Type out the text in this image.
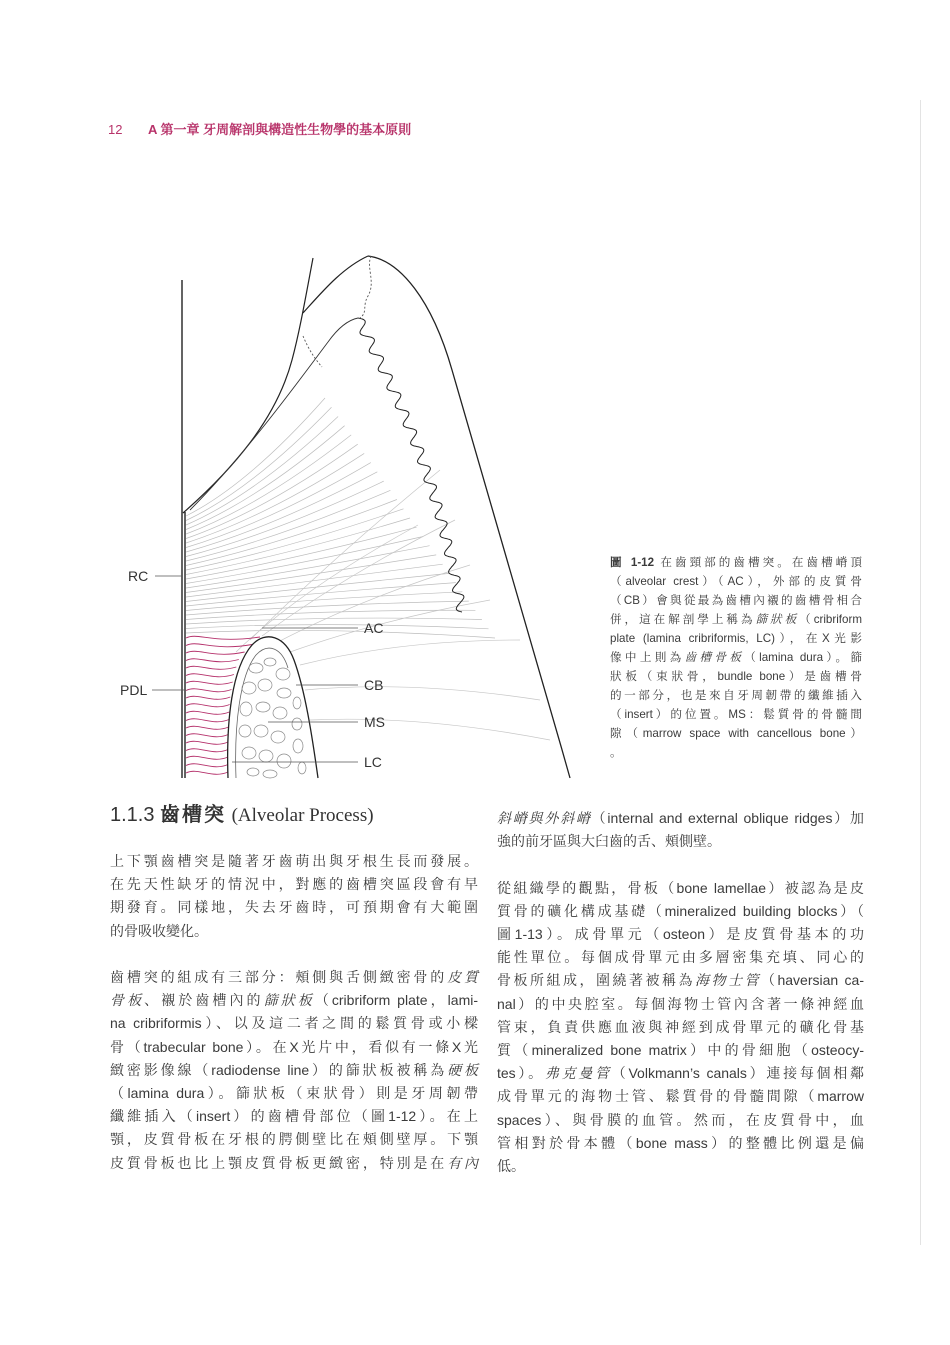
12 A 第一章 牙周解剖與構造性生物學的基本原則
RC
PDL
AC
CB
MS
LC
圖 1-12 在齒頸部的齒槽突。在齒槽嵴頂
（alveolar crest）（AC），外部的皮質骨
（CB）會與從最為齒槽內襯的齒槽骨相合
併，這在解剖學上稱為篩狀板（cribriform
plate (lamina cribriformis, LC)），在X光影
像中上則為齒槽骨板（lamina dura）。篩
狀板（束狀骨，bundle bone）是齒槽骨
的一部分，也是來自牙周韌帶的纖維插入
（insert）的位置。MS：鬆質骨的骨髓間
隙（marrow space with cancellous bone）
。
1.1.3 齒槽突 (Alveolar Process)
上下顎齒槽突是隨著牙齒萌出與牙根生長而發展。
在先天性缺牙的情況中，對應的齒槽突區段會有早
期發育。同樣地，失去牙齒時，可預期會有大範圍
的骨吸收變化。
齒槽突的組成有三部分：頰側與舌側緻密骨的皮質
骨板、襯於齒槽內的篩狀板（cribriform plate，lami-
na cribriformis）、以及這二者之間的鬆質骨或小樑
骨（trabecular bone）。在X光片中，看似有一條X光
緻密影像線（radiodense line）的篩狀板被稱為硬板
（lamina dura）。篩狀板（束狀骨）則是牙周韌帶
纖維插入（insert）的齒槽骨部位（圖1-12）。在上
顎，皮質骨板在牙根的腭側壁比在頰側壁厚。下顎
皮質骨板也比上顎皮質骨板更緻密，特別是在有內
斜嵴與外斜嵴（internal and external oblique ridges）加
強的前牙區與大臼齒的舌、頰側壁。
從組織學的觀點，骨板（bone lamellae）被認為是皮
質骨的礦化構成基礎（mineralized building blocks）（
圖1-13）。成骨單元（osteon）是皮質骨基本的功
能性單位。每個成骨單元由多層密集充填、同心的
骨板所組成，圍繞著被稱為海物士管（haversian ca-
nal）的中央腔室。每個海物士管內含著一條神經血
管束，負責供應血液與神經到成骨單元的礦化骨基
質（mineralized bone matrix）中的骨細胞（osteocy-
tes）。弗克曼管（Volkmann’s canals）連接每個相鄰
成骨單元的海物士管、鬆質骨的骨髓間隙（marrow
spaces）、與骨膜的血管。然而，在皮質骨中，血
管相對於骨本體（bone mass）的整體比例還是偏
低。
